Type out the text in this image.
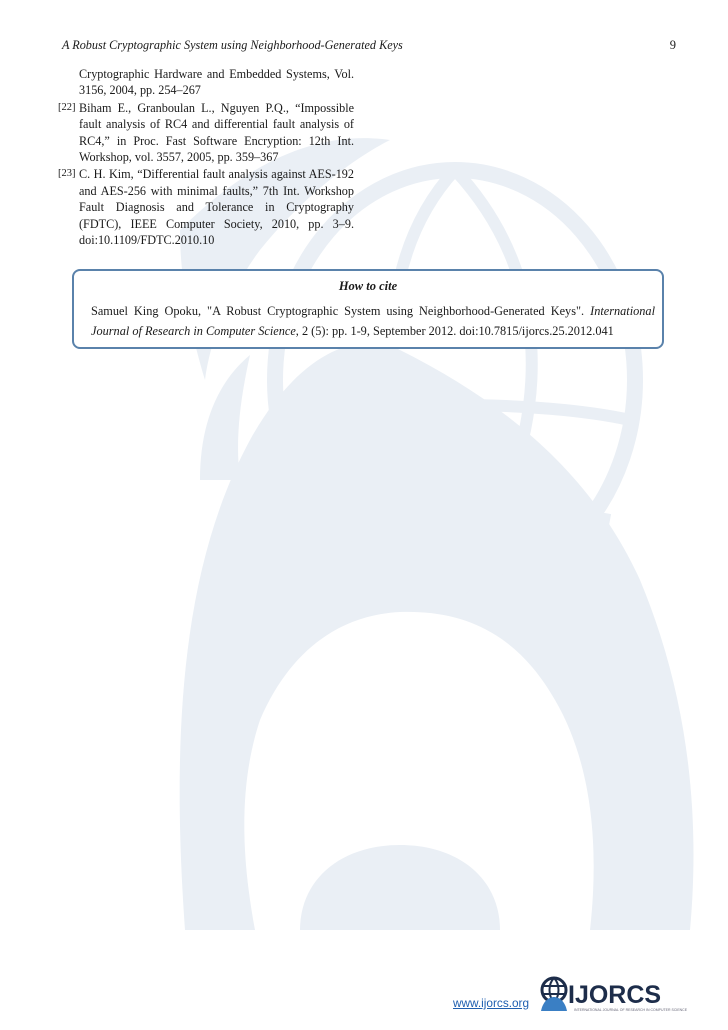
A Robust Cryptographic System using Neighborhood-Generated Keys	9
Cryptographic Hardware and Embedded Systems, Vol. 3156, 2004, pp. 254–267
[22] Biham E., Granboulan L., Nguyen P.Q., “Impossible fault analysis of RC4 and differential fault analysis of RC4,” in Proc. Fast Software Encryption: 12th Int. Workshop, vol. 3557, 2005, pp. 359–367
[23] C. H. Kim, “Differential fault analysis against AES-192 and AES-256 with minimal faults,” 7th Int. Workshop Fault Diagnosis and Tolerance in Cryptography (FDTC), IEEE Computer Society, 2010, pp. 3–9. doi:10.1109/FDTC.2010.10
How to cite
Samuel King Opoku, "A Robust Cryptographic System using Neighborhood-Generated Keys". International Journal of Research in Computer Science, 2 (5): pp. 1-9, September 2012. doi:10.7815/ijorcs.25.2012.041
www.ijorcs.org IJORCS
INTERNATIONAL JOURNAL OF RESEARCH IN COMPUTER SCIENCE
